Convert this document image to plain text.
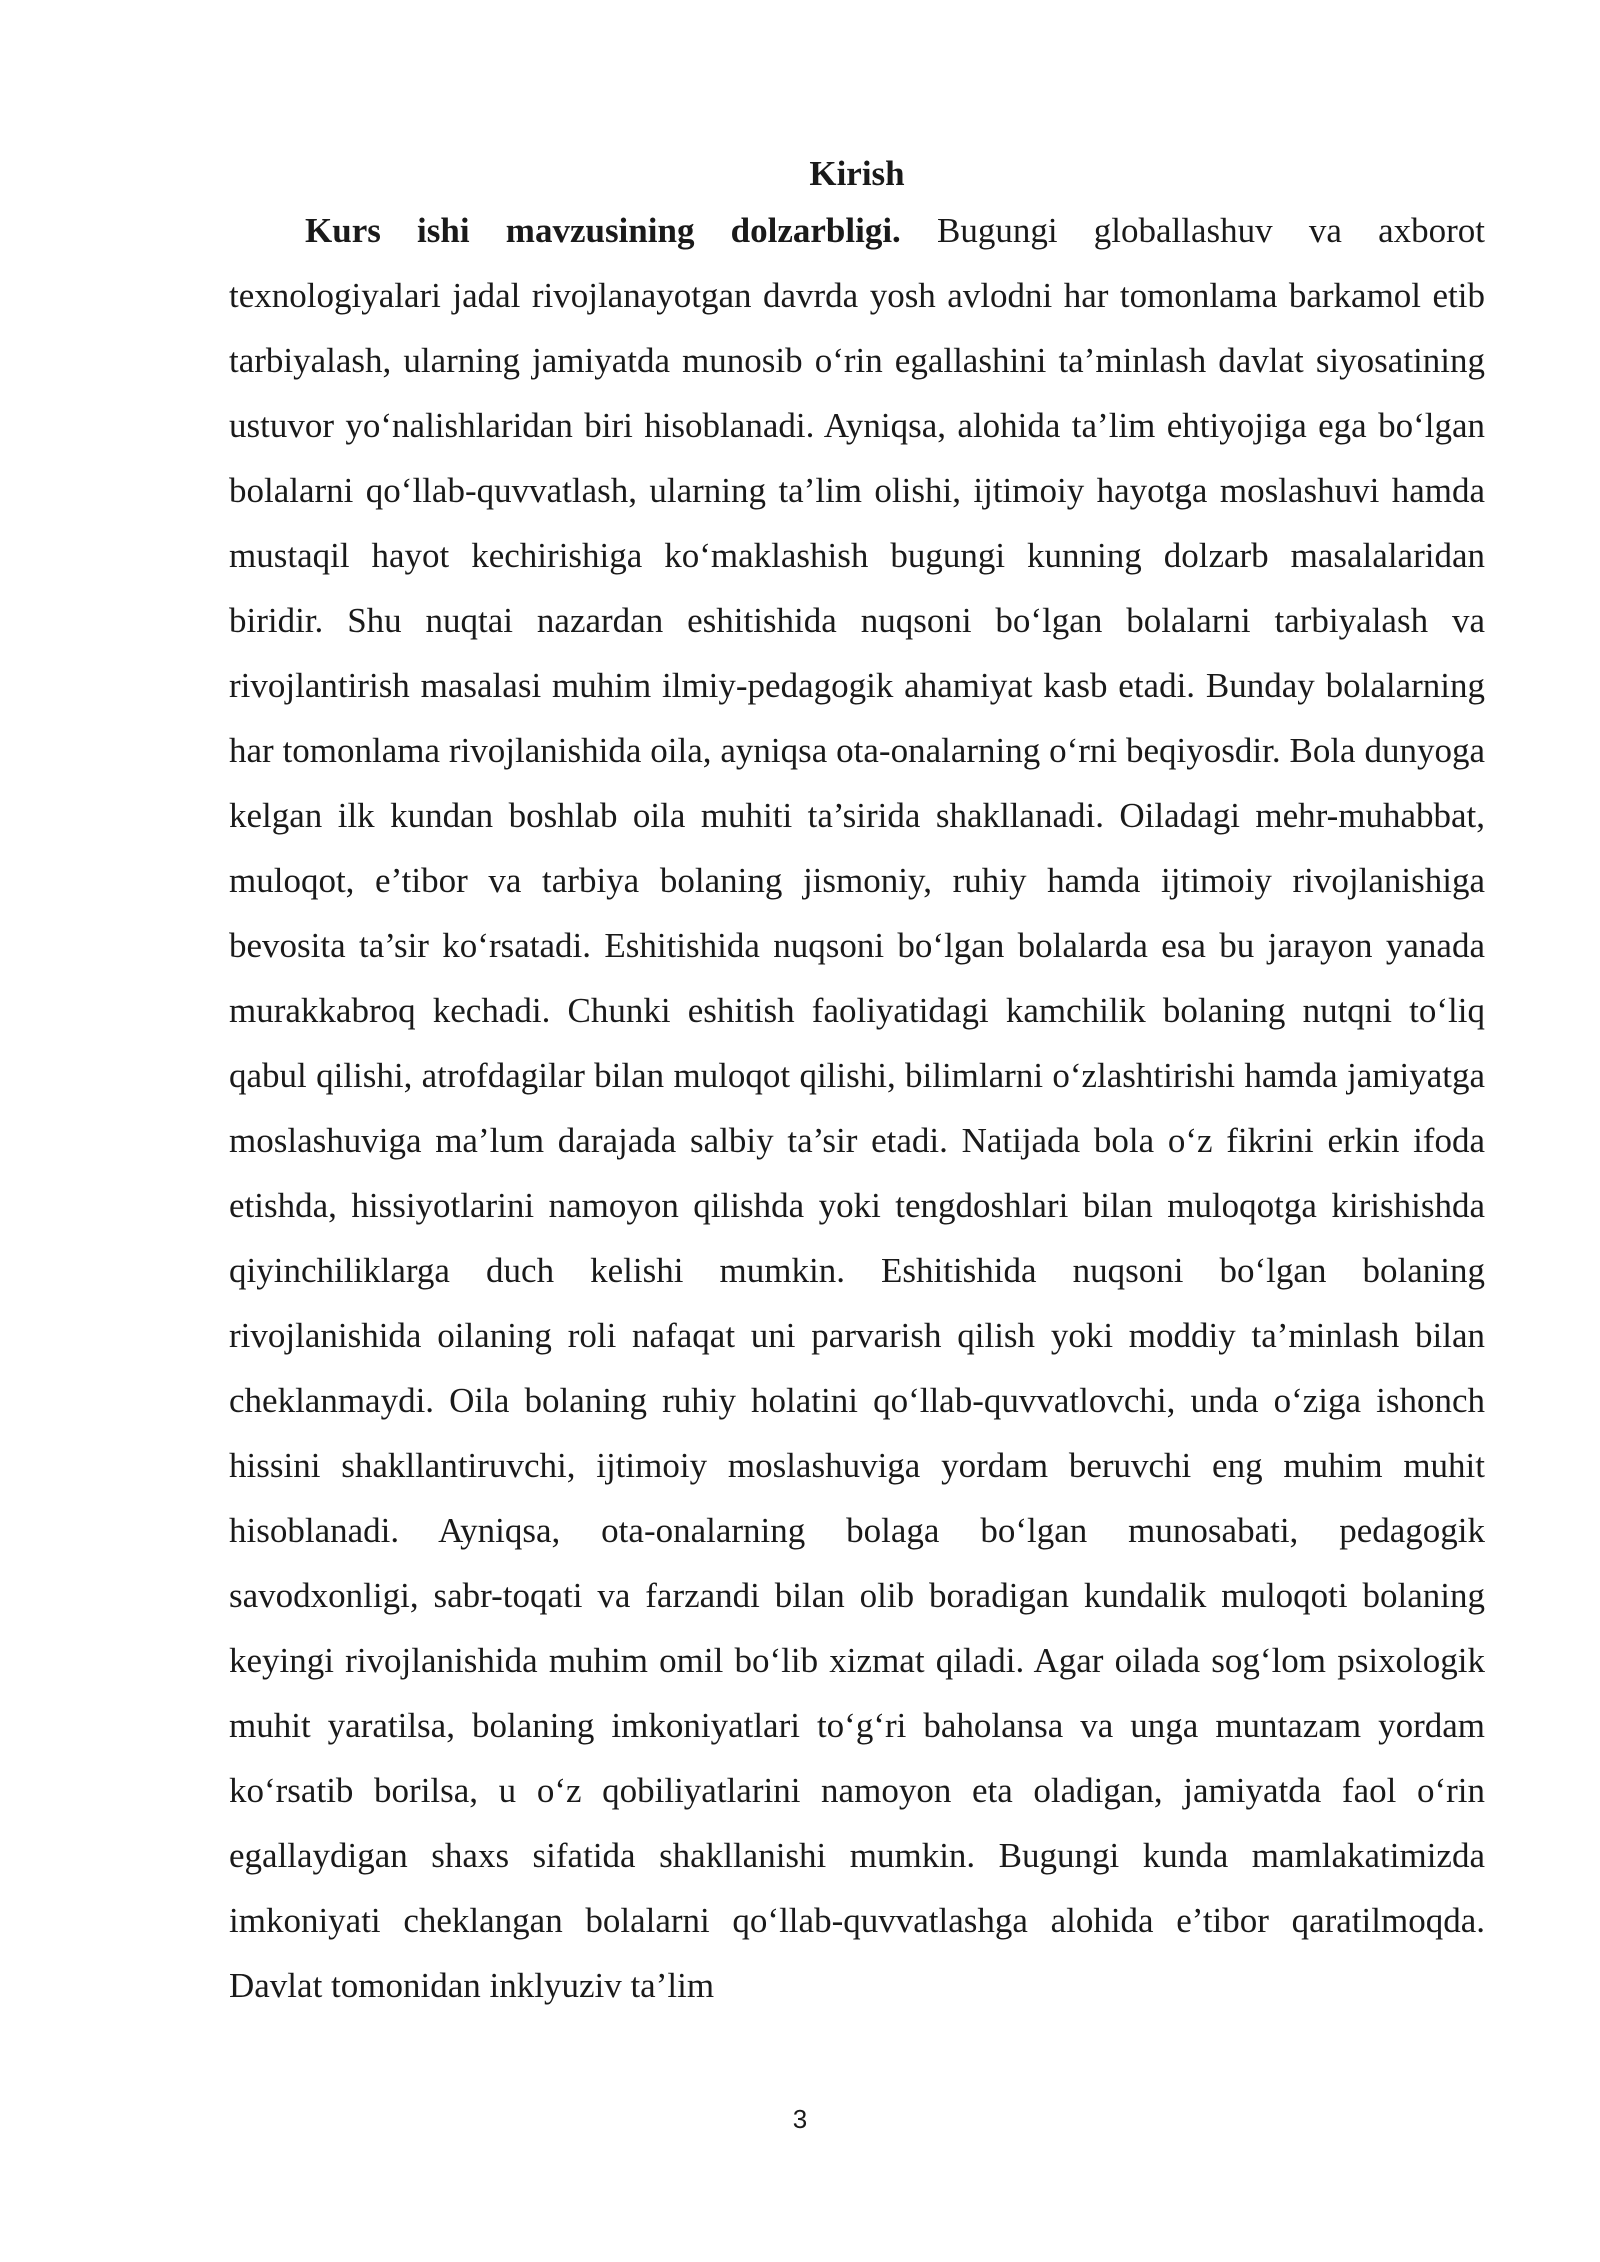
Kirish

Kurs ishi mavzusining dolzarbligi. Bugungi globallashuv va axborot texnologiyalari jadal rivojlanayotgan davrda yosh avlodni har tomonlama barkamol etib tarbiyalash, ularning jamiyatda munosib o‘rin egallashini ta’minlash davlat siyosatining ustuvor yo‘nalishlaridan biri hisoblanadi. Ayniqsa, alohida ta’lim ehtiyojiga ega bo‘lgan bolalarni qo‘llab-quvvatlash, ularning ta’lim olishi, ijtimoiy hayotga moslashuvi hamda mustaqil hayot kechirishiga ko‘maklashish bugungi kunning dolzarb masalalaridan biridir. Shu nuqtai nazardan eshitishida nuqsoni bo‘lgan bolalarni tarbiyalash va rivojlantirish masalasi muhim ilmiy-pedagogik ahamiyat kasb etadi. Bunday bolalarning har tomonlama rivojlanishida oila, ayniqsa ota-onalarning o‘rni beqiyosdir. Bola dunyoga kelgan ilk kundan boshlab oila muhiti ta’sirida shakllanadi. Oiladagi mehr-muhabbat, muloqot, e’tibor va tarbiya bolaning jismoniy, ruhiy hamda ijtimoiy rivojlanishiga bevosita ta’sir ko‘rsatadi. Eshitishida nuqsoni bo‘lgan bolalarda esa bu jarayon yanada murakkabroq kechadi. Chunki eshitish faoliyatidagi kamchilik bolaning nutqni to‘liq qabul qilishi, atrofdagilar bilan muloqot qilishi, bilimlarni o‘zlashtirishi hamda jamiyatga moslashuviga ma’lum darajada salbiy ta’sir etadi. Natijada bola o‘z fikrini erkin ifoda etishda, hissiyotlarini namoyon qilishda yoki tengdoshlari bilan muloqotga kirishishda qiyinchiliklarga duch kelishi mumkin. Eshitishida nuqsoni bo‘lgan bolaning rivojlanishida oilaning roli nafaqat uni parvarish qilish yoki moddiy ta’minlash bilan cheklanmaydi. Oila bolaning ruhiy holatini qo‘llab-quvvatlovchi, unda o‘ziga ishonch hissini shakllantiruvchi, ijtimoiy moslashuviga yordam beruvchi eng muhim muhit hisoblanadi. Ayniqsa, ota-onalarning bolaga bo‘lgan munosabati, pedagogik savodxonligi, sabr-toqati va farzandi bilan olib boradigan kundalik muloqoti bolaning keyingi rivojlanishida muhim omil bo‘lib xizmat qiladi. Agar oilada sog‘lom psixologik muhit yaratilsa, bolaning imkoniyatlari to‘g‘ri baholansa va unga muntazam yordam ko‘rsatib borilsa, u o‘z qobiliyatlarini namoyon eta oladigan, jamiyatda faol o‘rin egallaydigan shaxs sifatida shakllanishi mumkin. Bugungi kunda mamlakatimizda imkoniyati cheklangan bolalarni qo‘llab-quvvatlashga alohida e’tibor qaratilmoqda. Davlat tomonidan inklyuziv ta’lim

3
